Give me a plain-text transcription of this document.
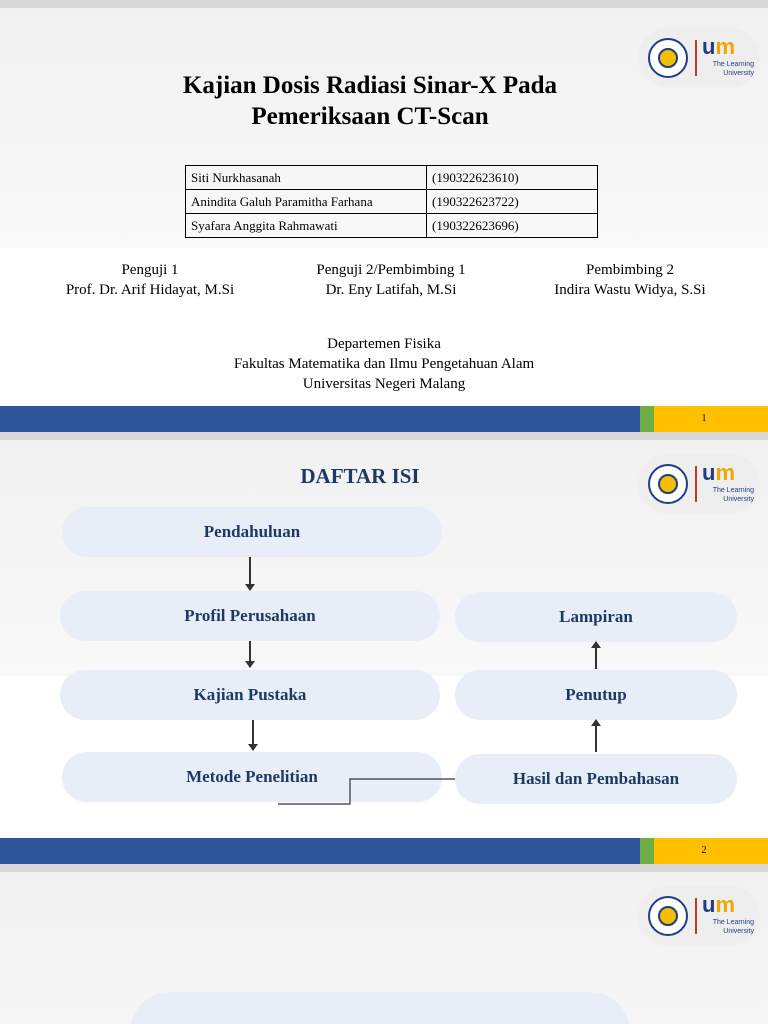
um
The Learning University
Kajian Dosis Radiasi Sinar-X Pada
Pemeriksaan CT-Scan
Siti Nurkhasanah	(190322623610)
Anindita Galuh Paramitha Farhana	(190322623722)
Syafara Anggita Rahmawati	(190322623696)
Penguji 1
Prof. Dr. Arif Hidayat, M.Si
Penguji 2/Pembimbing 1
Dr. Eny Latifah, M.Si
Pembimbing 2
Indira Wastu Widya, S.Si
Departemen Fisika
Fakultas Matematika dan Ilmu Pengetahuan Alam
Universitas Negeri Malang
1
um
The Learning University
DAFTAR ISI
Pendahuluan
Profil Perusahaan
Kajian Pustaka
Metode Penelitian
Lampiran
Penutup
Hasil dan Pembahasan
2
um
The Learning University
